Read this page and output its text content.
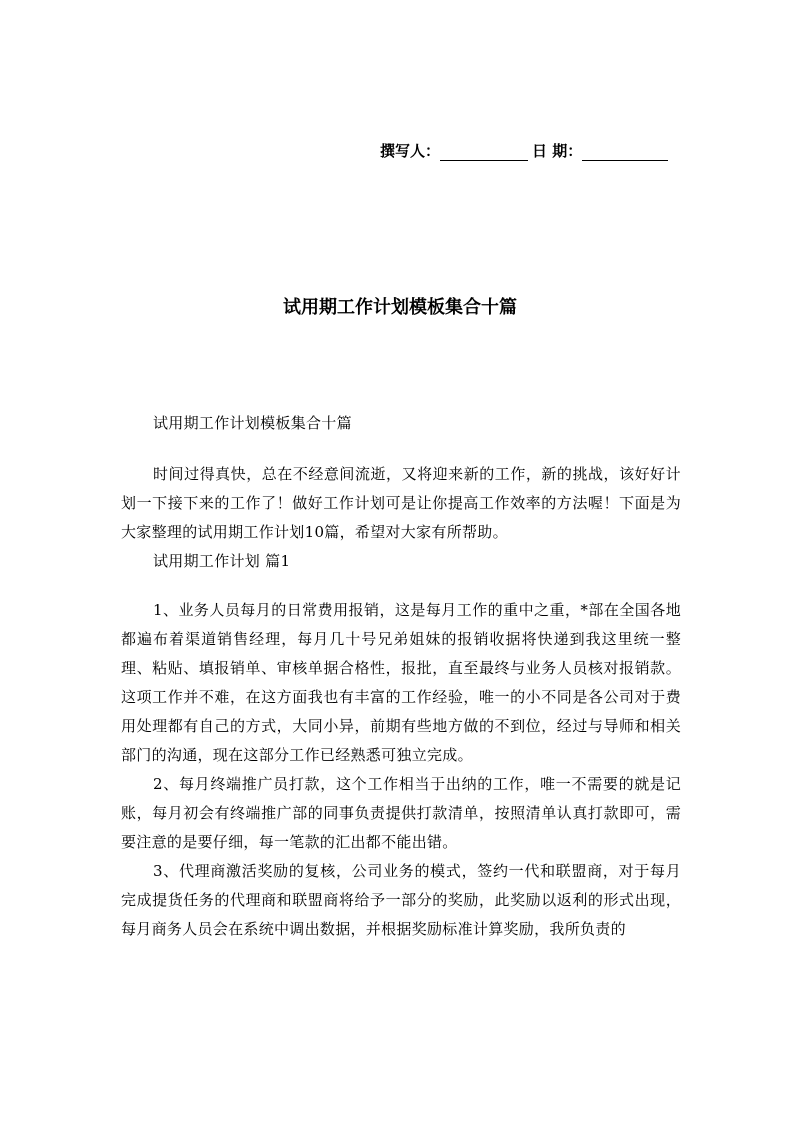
撰写人：	日 期：
试用期工作计划模板集合十篇

试用期工作计划模板集合十篇

时间过得真快，总在不经意间流逝，又将迎来新的工作，新的挑战，该好好计划一下接下来的工作了！做好工作计划可是让你提高工作效率的方法喔！下面是为大家整理的试用期工作计划10篇，希望对大家有所帮助。

试用期工作计划 篇1

1、业务人员每月的日常费用报销，这是每月工作的重中之重，*部在全国各地都遍布着渠道销售经理，每月几十号兄弟姐妹的报销收据将快递到我这里统一整理、粘贴、填报销单、审核单据合格性，报批，直至最终与业务人员核对报销款。这项工作并不难，在这方面我也有丰富的工作经验，唯一的小不同是各公司对于费用处理都有自己的方式，大同小异，前期有些地方做的不到位，经过与导师和相关部门的沟通，现在这部分工作已经熟悉可独立完成。

2、每月终端推广员打款，这个工作相当于出纳的工作，唯一不需要的就是记账，每月初会有终端推广部的同事负责提供打款清单，按照清单认真打款即可，需要注意的是要仔细，每一笔款的汇出都不能出错。

3、代理商激活奖励的复核，公司业务的模式，签约一代和联盟商，对于每月完成提货任务的代理商和联盟商将给予一部分的奖励，此奖励以返利的形式出现，每月商务人员会在系统中调出数据，并根据奖励标准计算奖励，我所负责的
